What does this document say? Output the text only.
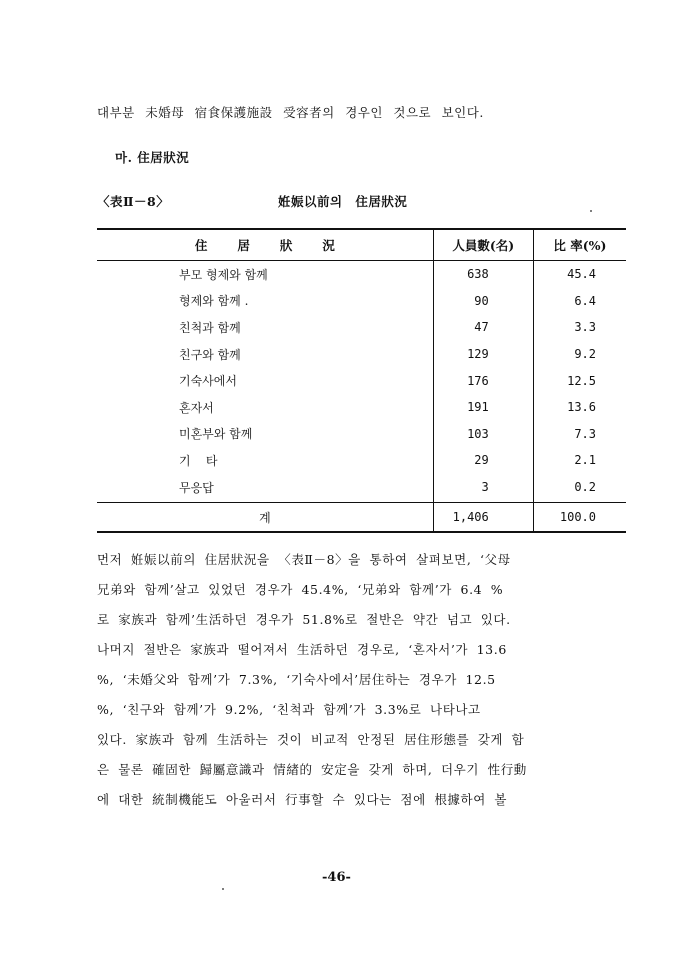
대부분 未婚母 宿食保護施設 受容者의 경우인 것으로 보인다.
마. 住居狀況
〈表Ⅱ－8〉	姙娠以前의 住居狀況
住居狀況	人員數(名)	比 率(%)
부모 형제와 함께	638	45.4
형제와 함께 .	90	6.4
친척과 함께	47	3.3
친구와 함께	129	9.2
기숙사에서	176	12.5
혼자서	191	13.6
미혼부와 함께	103	7.3
기    타	29	2.1
무응답	3	0.2
계	1,406	100.0
먼저 姙娠以前의 住居狀況을 〈表Ⅱ－8〉을 통하여 살펴보면, ‘父母
兄弟와 함께’살고 있었던 경우가 45.4%, ‘兄弟와 함께’가 6.4 %
로 家族과 함께’生活하던 경우가 51.8%로 절반은 약간 넘고 있다.
나머지 절반은 家族과 떨어져서 生活하던 경우로, ‘혼자서’가 13.6
%, ‘未婚父와 함께’가 7.3%, ‘기숙사에서’居住하는 경우가 12.5
%, ‘친구와 함께’가 9.2%, ‘친척과 함께’가 3.3%로 나타나고
있다. 家族과 함께 生活하는 것이 비교적 안정된 居住形態를 갖게 함
은 물론 確固한 歸屬意識과 情緖的 安定을 갖게 하며, 더우기 性行動
에 대한 統制機能도 아울러서 行事할 수 있다는 점에 根據하여 볼
-46-
